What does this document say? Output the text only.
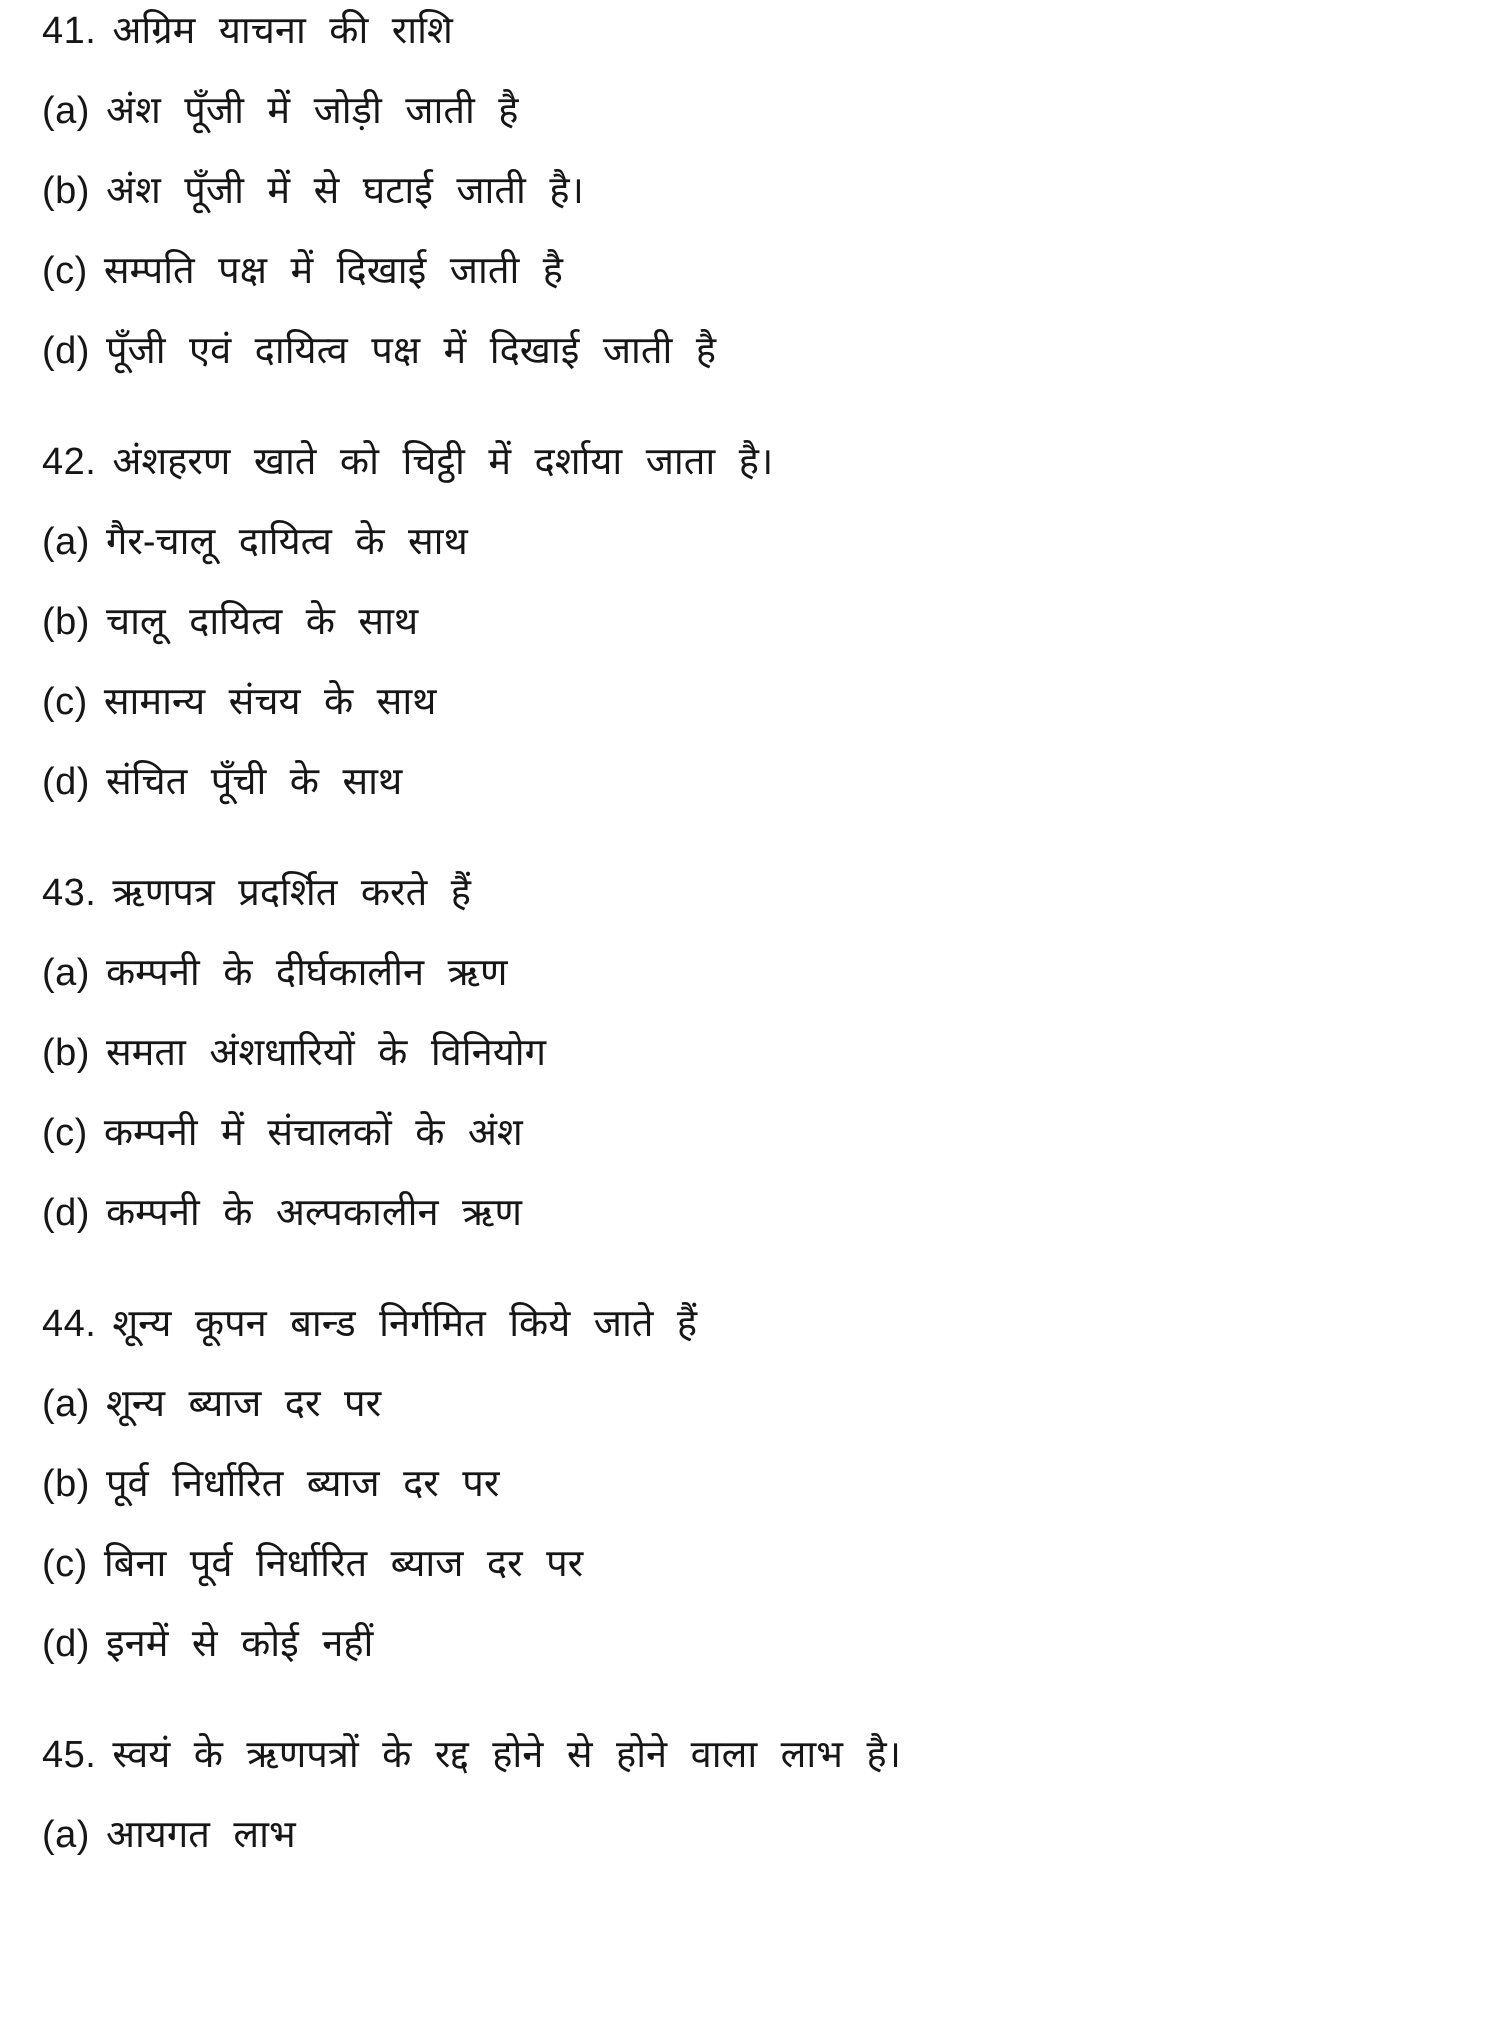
41. अग्रिम याचना की राशि
(a) अंश पूँजी में जोड़ी जाती है
(b) अंश पूँजी में से घटाई जाती है।
(c) सम्पति पक्ष में दिखाई जाती है
(d) पूँजी एवं दायित्व पक्ष में दिखाई जाती है
42. अंशहरण खाते को चिट्ठी में दर्शाया जाता है।
(a) गैर-चालू दायित्व के साथ
(b) चालू दायित्व के साथ
(c) सामान्य संचय के साथ
(d) संचित पूँची के साथ
43. ऋणपत्र प्रदर्शित करते हैं
(a) कम्पनी के दीर्घकालीन ऋण
(b) समता अंशधारियों के विनियोग
(c) कम्पनी में संचालकों के अंश
(d) कम्पनी के अल्पकालीन ऋण
44. शून्य कूपन बान्ड निर्गमित किये जाते हैं
(a) शून्य ब्याज दर पर
(b) पूर्व निर्धारित ब्याज दर पर
(c) बिना पूर्व निर्धारित ब्याज दर पर
(d) इनमें से कोई नहीं
45. स्वयं के ऋणपत्रों के रद्द होने से होने वाला लाभ है।
(a) आयगत लाभ
